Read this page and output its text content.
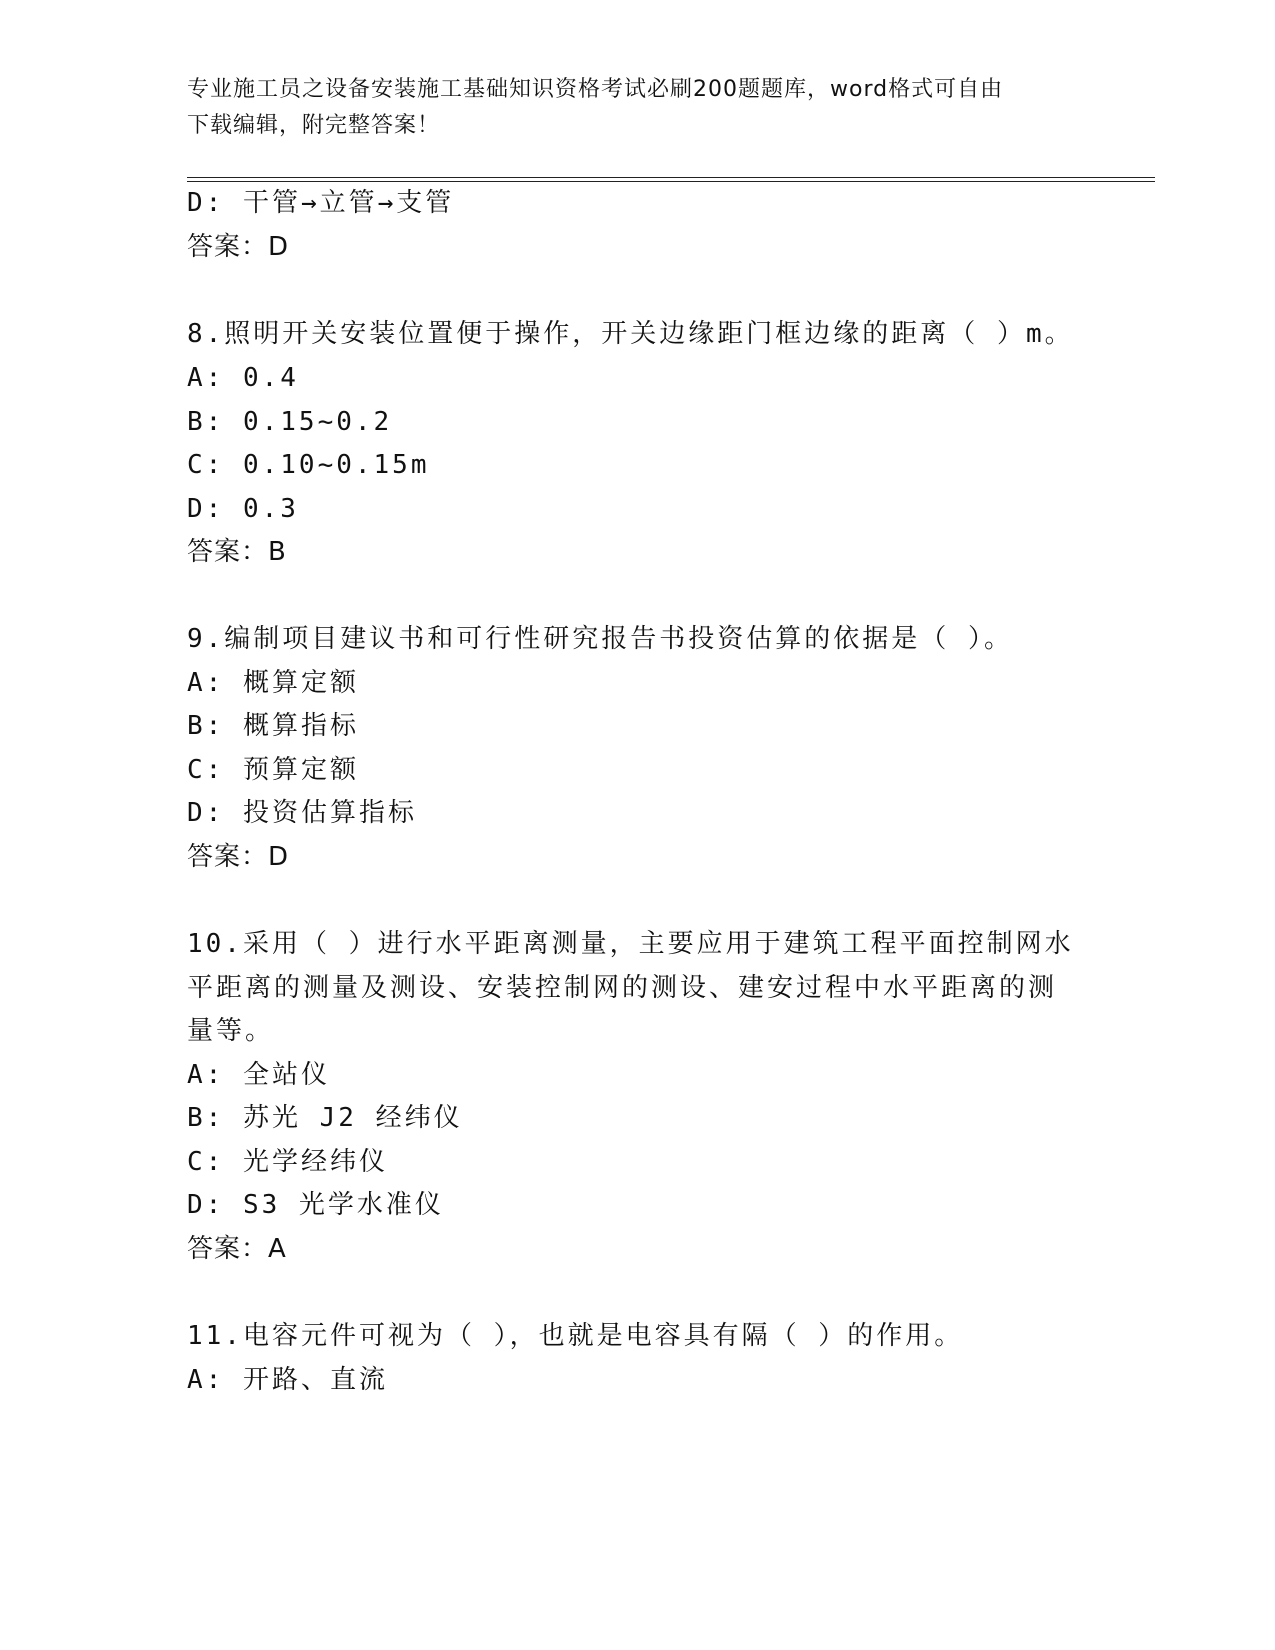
专业施工员之设备安装施工基础知识资格考试必刷200题题库，word格式可自由
下载编辑，附完整答案！
D: 干管→立管→支管
答案：D
8.照明开关安装位置便于操作，开关边缘距门框边缘的距离（ ）m。
A: 0.4
B: 0.15~0.2
C: 0.10~0.15m
D: 0.3
答案：B
9.编制项目建议书和可行性研究报告书投资估算的依据是（ ）。
A: 概算定额
B: 概算指标
C: 预算定额
D: 投资估算指标
答案：D
10.采用（ ）进行水平距离测量，主要应用于建筑工程平面控制网水
平距离的测量及测设、安装控制网的测设、建安过程中水平距离的测
量等。
A: 全站仪
B: 苏光 J2 经纬仪
C: 光学经纬仪
D: S3 光学水准仪
答案：A
11.电容元件可视为（ ），也就是电容具有隔（ ）的作用。
A: 开路、直流
